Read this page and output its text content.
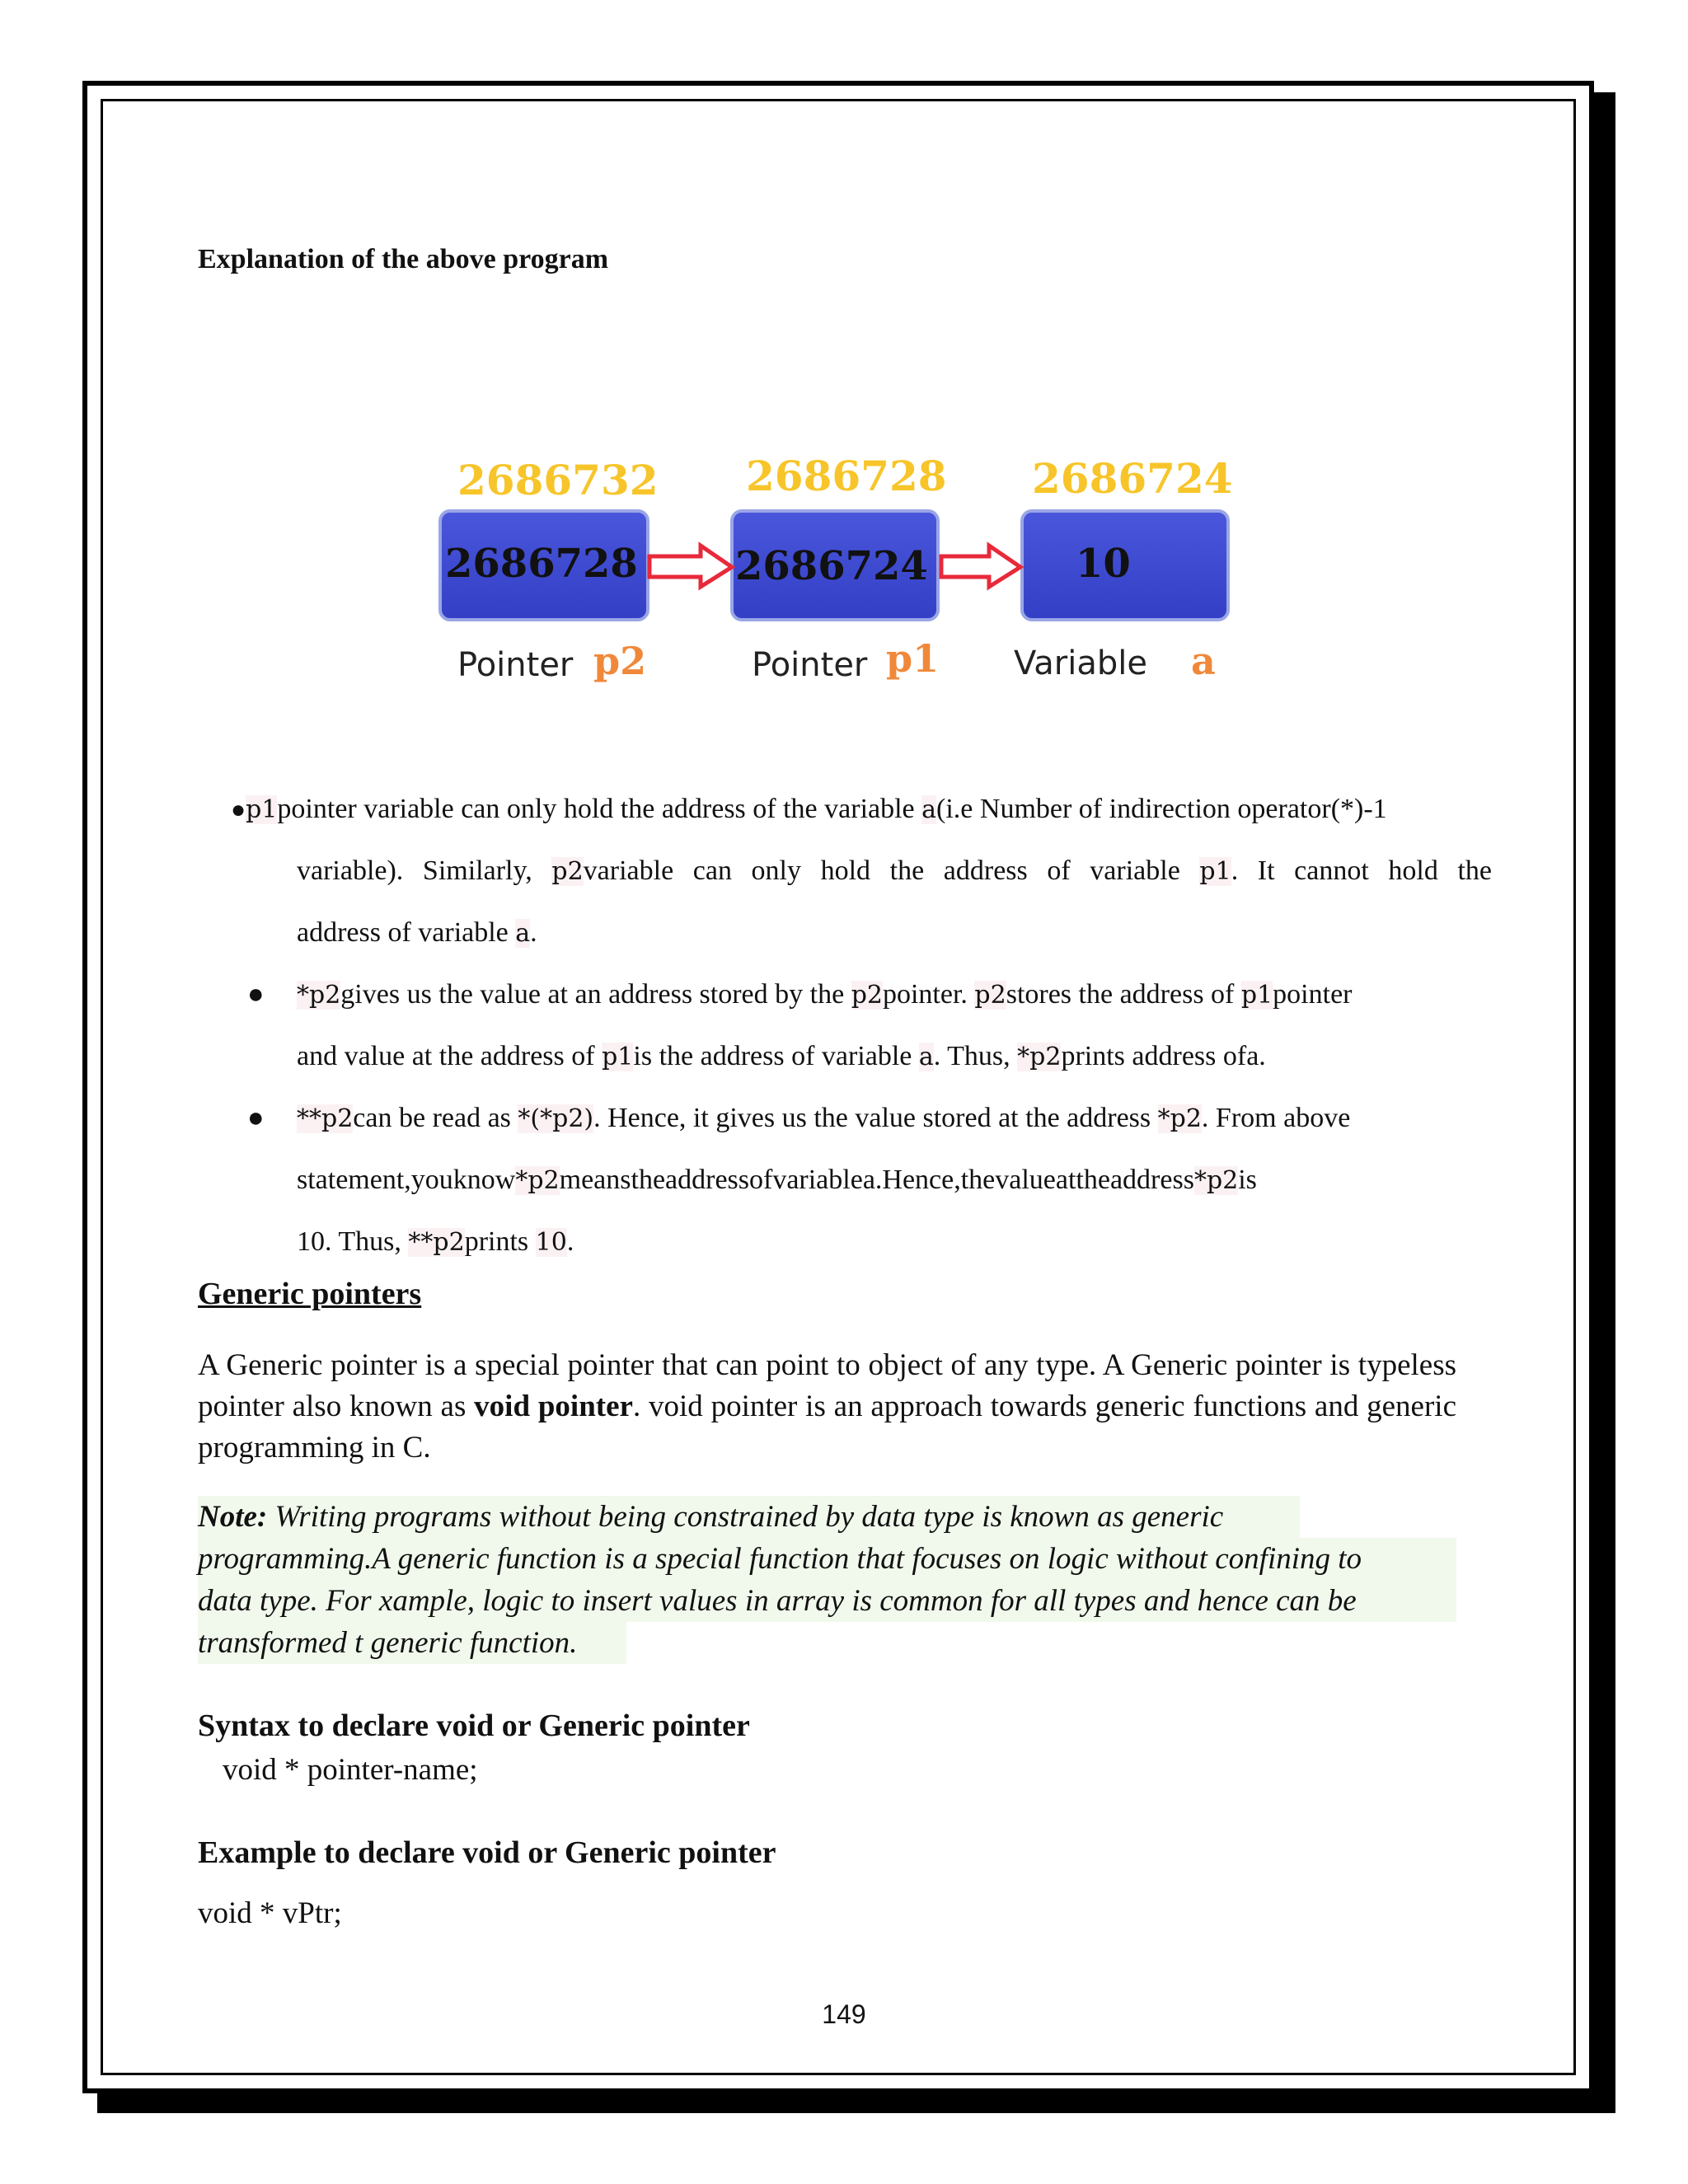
Explanation of the above program
2686732 2686728 2686724
2686728 2686724	10
Pointer p2	Pointer p1 Variable a
●p1pointer variable can only hold the address of the variable a(i.e Number of indirection operator(*)-1
variable). Similarly, p2variable can only hold the address of variable p1. It cannot hold the
address of variable a.
● *p2gives us the value at an address stored by the p2pointer. p2stores the address of p1pointer
and value at the address of p1is the address of variable a. Thus, *p2prints address ofa.
● **p2can be read as *(*p2). Hence, it gives us the value stored at the address *p2. From above
statement,youknow*p2meanstheaddressofvariablea.Hence,thevalueattheaddress*p2is
10. Thus, **p2prints 10.
Generic pointers
A Generic pointer is a special pointer that can point to object of any type. A Generic pointer is typeless pointer also known as void pointer. void pointer is an approach towards generic functions and generic programming in C.
Note: Writing programs without being constrained by data type is known as generic
programming.A generic function is a special function that focuses on logic without confining to
data type. For xample, logic to insert values in array is common for all types and hence can be
transformed t generic function.
Syntax to declare void or Generic pointer
void * pointer-name;
Example to declare void or Generic pointer
void * vPtr;
149
